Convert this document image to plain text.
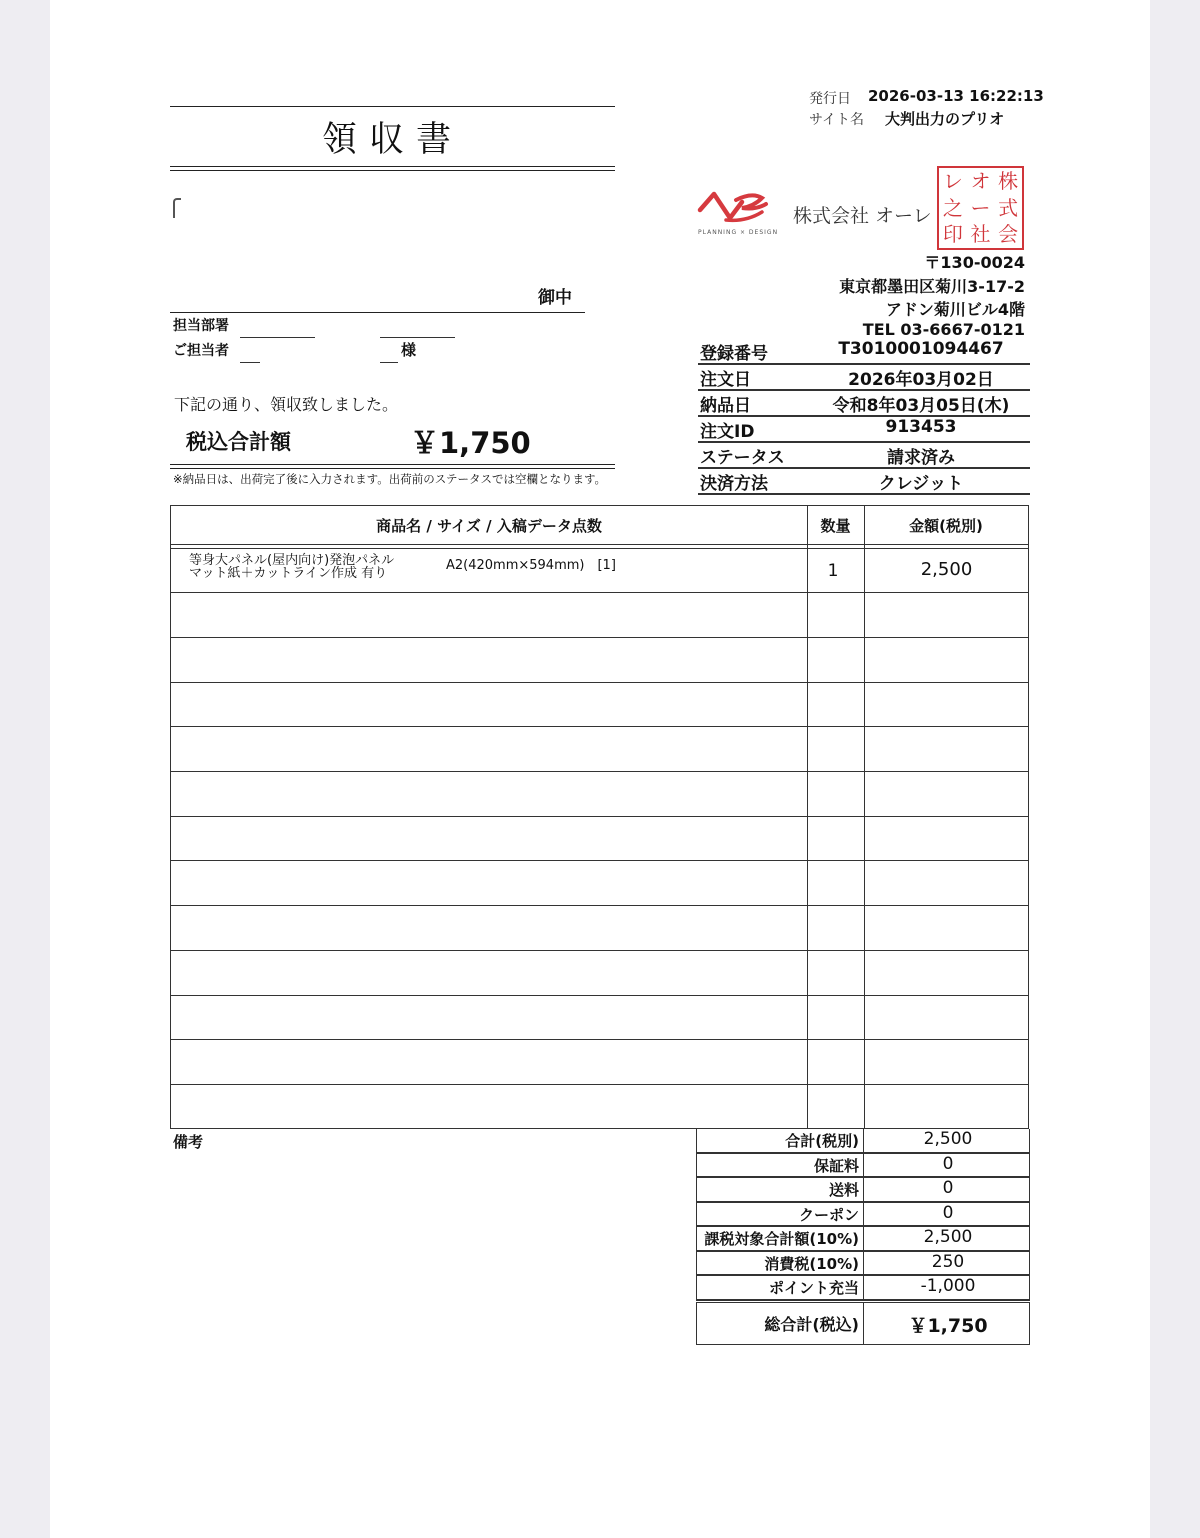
発行日 2026-03-13 16:22:13
サイト名 大判出力のプリオ
領収書
御中
担当部署
ご担当者	様
下記の通り、領収致しました。
税込合計額	￥1,750
※納品日は、出荷完了後に入力されます。出荷前のステータスでは空欄となります。
PLANNING × DESIGN
株式会社 オーレ
レ オ 株
之 ー 式
印 社 会
〒130-0024
東京都墨田区菊川3-17-2
アドン菊川ビル4階
TEL 03-6667-0121
登録番号	T3010001094467
注文日	2026年03月02日
納品日	令和8年03月05日(木)
注文ID	913453
ステータス	請求済み
決済方法	クレジット
商品名 / サイズ / 入稿データ点数	数量	金額(税別)
等身大パネル(屋内向け)発泡パネル
マット紙＋カットライン作成 有り
A2(420mm×594mm)　[1]	1	2,500
備考	合計(税別)	2,500
保証料	0
送料	0
クーポン	0
課税対象合計額(10%)	2,500
消費税(10%)	250
ポイント充当	-1,000
総合計(税込)	￥1,750
